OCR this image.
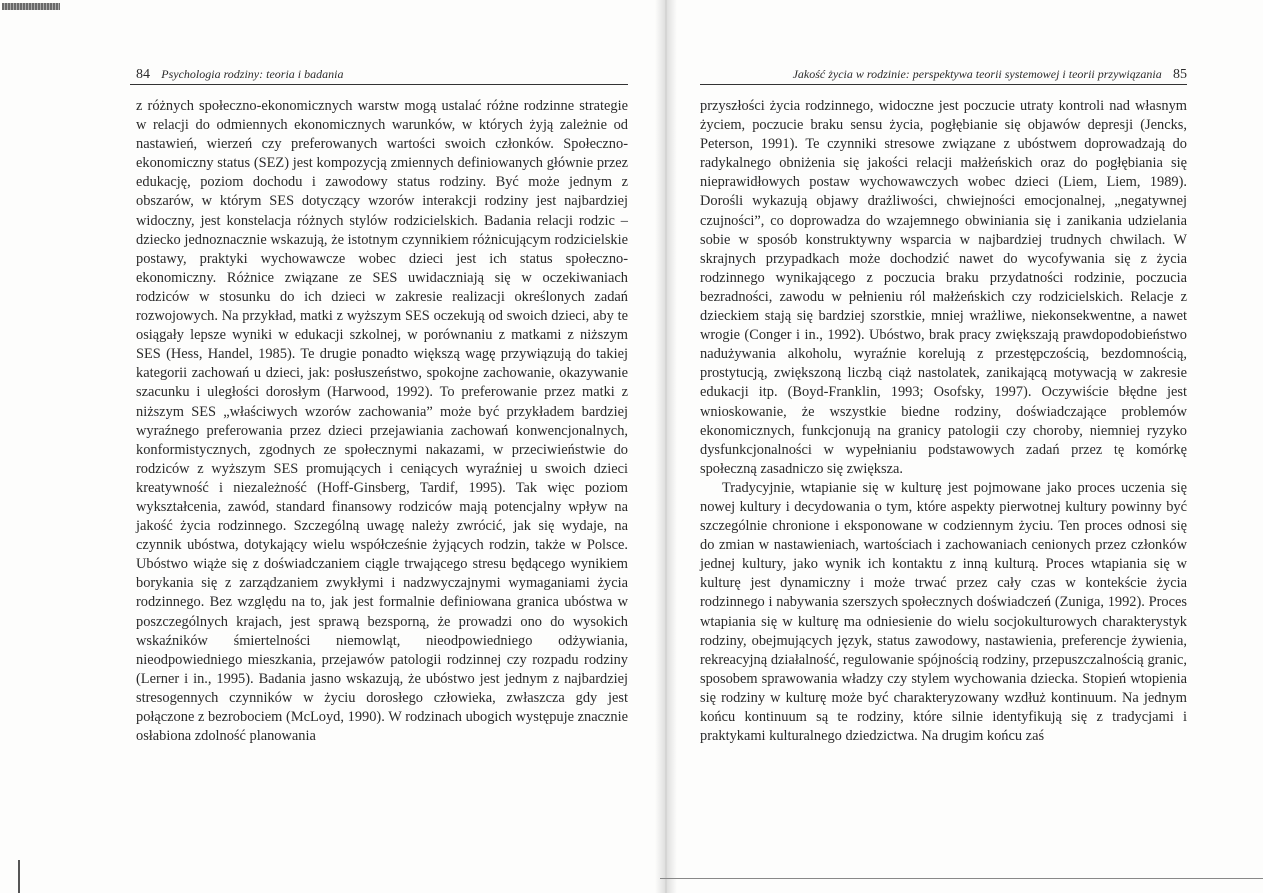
84 Psychologia rodziny: teoria i badania

z różnych społeczno-ekonomicznych warstw mogą ustalać różne rodzinne strategie w relacji do odmiennych ekonomicznych warunków, w których żyją zależnie od nastawień, wierzeń czy preferowanych wartości swoich członków. Społeczno-ekonomiczny status (SEZ) jest kompozycją zmiennych definiowanych głównie przez edukację, poziom dochodu i zawodowy status rodziny. Być może jednym z obszarów, w którym SES dotyczący wzorów interakcji rodziny jest najbardziej widoczny, jest konstelacja różnych stylów rodzicielskich. Badania relacji rodzic – dziecko jednoznacznie wskazują, że istotnym czynnikiem różnicującym rodzicielskie postawy, praktyki wychowawcze wobec dzieci jest ich status społeczno-ekonomiczny. Różnice związane ze SES uwidaczniają się w oczekiwaniach rodziców w stosunku do ich dzieci w zakresie realizacji określonych zadań rozwojowych. Na przykład, matki z wyższym SES oczekują od swoich dzieci, aby te osiągały lepsze wyniki w edukacji szkolnej, w porównaniu z matkami z niższym SES (Hess, Handel, 1985). Te drugie ponadto większą wagę przywiązują do takiej kategorii zachowań u dzieci, jak: posłuszeństwo, spokojne zachowanie, okazywanie szacunku i uległości dorosłym (Harwood, 1992). To preferowanie przez matki z niższym SES „właściwych wzorów zachowania” może być przykładem bardziej wyraźnego preferowania przez dzieci przejawiania zachowań konwencjonalnych, konformistycznych, zgodnych ze społecznymi nakazami, w przeciwieństwie do rodziców z wyższym SES promujących i ceniących wyraźniej u swoich dzieci kreatywność i niezależność (Hoff-Ginsberg, Tardif, 1995). Tak więc poziom wykształcenia, zawód, standard finansowy rodziców mają potencjalny wpływ na jakość życia rodzinnego. Szczególną uwagę należy zwrócić, jak się wydaje, na czynnik ubóstwa, dotykający wielu współcześnie żyjących rodzin, także w Polsce. Ubóstwo wiąże się z doświadczaniem ciągle trwającego stresu będącego wynikiem borykania się z zarządzaniem zwykłymi i nadzwyczajnymi wymaganiami życia rodzinnego. Bez względu na to, jak jest formalnie definiowana granica ubóstwa w poszczególnych krajach, jest sprawą bezsporną, że prowadzi ono do wysokich wskaźników śmiertelności niemowląt, nieodpowiedniego odżywiania, nieodpowiedniego mieszkania, przejawów patologii rodzinnej czy rozpadu rodziny (Lerner i in., 1995). Badania jasno wskazują, że ubóstwo jest jednym z najbardziej stresogennych czynników w życiu dorosłego człowieka, zwłaszcza gdy jest połączone z bezrobociem (McLoyd, 1990). W rodzinach ubogich występuje znacznie osłabiona zdolność planowania

Jakość życia w rodzinie: perspektywa teorii systemowej i teorii przywiązania 85

przyszłości życia rodzinnego, widoczne jest poczucie utraty kontroli nad własnym życiem, poczucie braku sensu życia, pogłębianie się objawów depresji (Jencks, Peterson, 1991). Te czynniki stresowe związane z ubóstwem doprowadzają do radykalnego obniżenia się jakości relacji małżeńskich oraz do pogłębiania się nieprawidłowych postaw wychowawczych wobec dzieci (Liem, Liem, 1989). Dorośli wykazują objawy drażliwości, chwiejności emocjonalnej, „negatywnej czujności”, co doprowadza do wzajemnego obwiniania się i zanikania udzielania sobie w sposób konstruktywny wsparcia w najbardziej trudnych chwilach. W skrajnych przypadkach może dochodzić nawet do wycofywania się z życia rodzinnego wynikającego z poczucia braku przydatności rodzinie, poczucia bezradności, zawodu w pełnieniu ról małżeńskich czy rodzicielskich. Relacje z dzieckiem stają się bardziej szorstkie, mniej wrażliwe, niekonsekwentne, a nawet wrogie (Conger i in., 1992). Ubóstwo, brak pracy zwiększają prawdopodobieństwo nadużywania alkoholu, wyraźnie korelują z przestępczością, bezdomnością, prostytucją, zwiększoną liczbą ciąż nastolatek, zanikającą motywacją w zakresie edukacji itp. (Boyd-Franklin, 1993; Osofsky, 1997). Oczywiście błędne jest wnioskowanie, że wszystkie biedne rodziny, doświadczające problemów ekonomicznych, funkcjonują na granicy patologii czy choroby, niemniej ryzyko dysfunkcjonalności w wypełnianiu podstawowych zadań przez tę komórkę społeczną zasadniczo się zwiększa.

Tradycyjnie, wtapianie się w kulturę jest pojmowane jako proces uczenia się nowej kultury i decydowania o tym, które aspekty pierwotnej kultury powinny być szczególnie chronione i eksponowane w codziennym życiu. Ten proces odnosi się do zmian w nastawieniach, wartościach i zachowaniach cenionych przez członków jednej kultury, jako wynik ich kontaktu z inną kulturą. Proces wtapiania się w kulturę jest dynamiczny i może trwać przez cały czas w kontekście życia rodzinnego i nabywania szerszych społecznych doświadczeń (Zuniga, 1992). Proces wtapiania się w kulturę ma odniesienie do wielu socjokulturowych charakterystyk rodziny, obejmujących język, status zawodowy, nastawienia, preferencje żywienia, rekreacyjną działalność, regulowanie spójnością rodziny, przepuszczalnością granic, sposobem sprawowania władzy czy stylem wychowania dziecka. Stopień wtopienia się rodziny w kulturę może być charakteryzowany wzdłuż kontinuum. Na jednym końcu kontinuum są te rodziny, które silnie identyfikują się z tradycjami i praktykami kulturalnego dziedzictwa. Na drugim końcu zaś
